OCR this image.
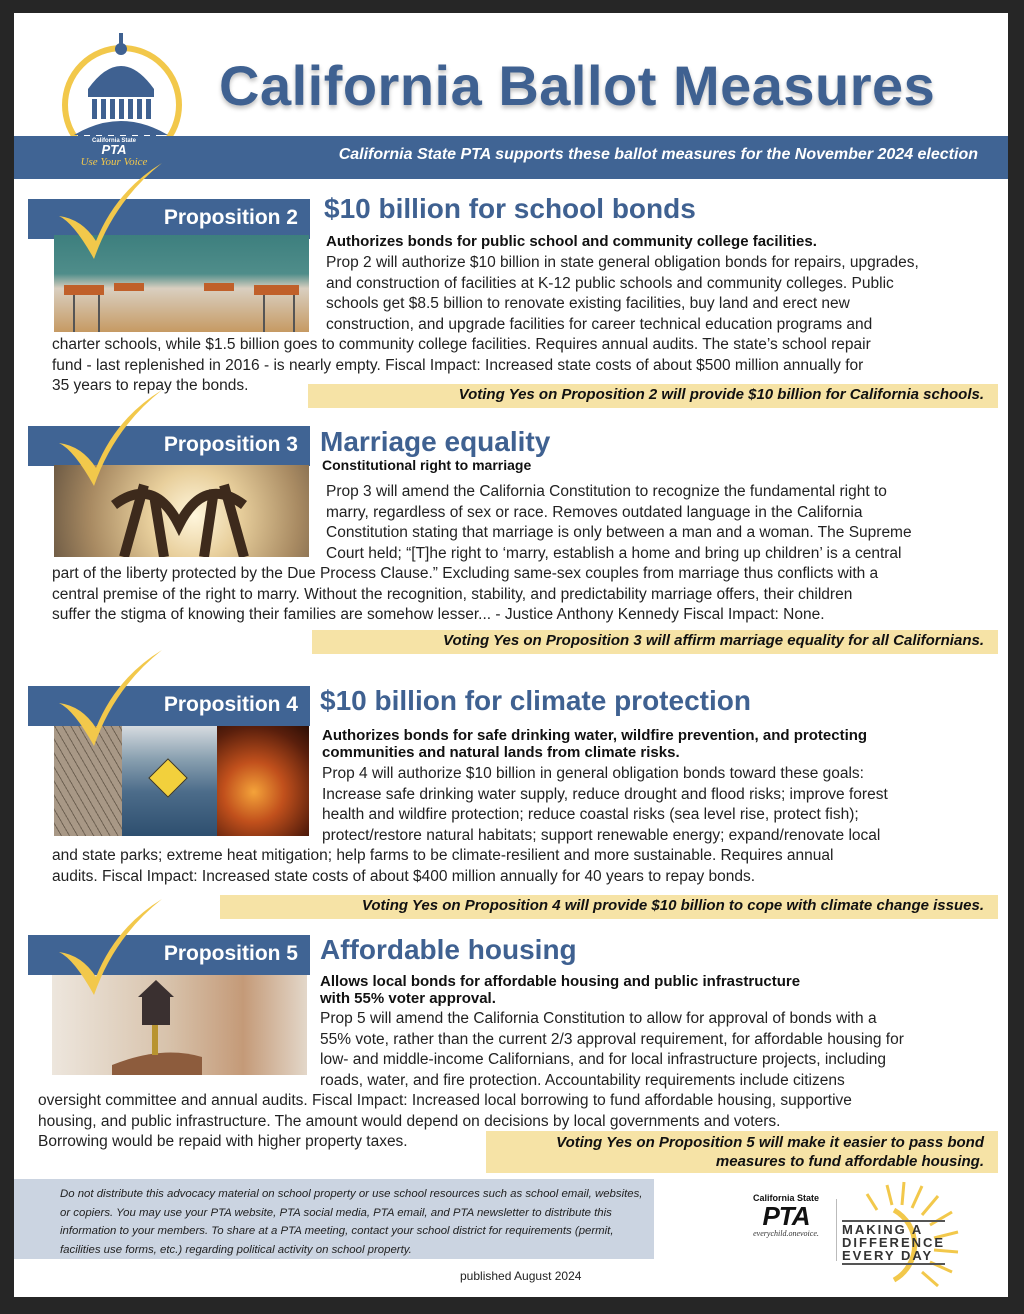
California Ballot Measures
California State
PTA
Use Your Voice	California State PTA supports these ballot measures for the November 2024 election
Proposition 2 $10 billion for school bonds
Authorizes bonds for public school and community college facilities.
Prop 2 will authorize $10 billion in state general obligation bonds for repairs, upgrades,
and construction of facilities at K-12 public schools and community colleges. Public
schools get $8.5 billion to renovate existing facilities, buy land and erect new
construction, and upgrade facilities for career technical education programs and
charter schools, while $1.5 billion goes to community college facilities. Requires annual audits. The state’s school repair
fund - last replenished in 2016 - is nearly empty. Fiscal Impact: Increased state costs of about $500 million annually for
35 years to repay the bonds.
Voting Yes on Proposition 2 will provide $10 billion for California schools.
Proposition 3 Marriage equality
Constitutional right to marriage
Prop 3 will amend the California Constitution to recognize the fundamental right to
marry, regardless of sex or race. Removes outdated language in the California
Constitution stating that marriage is only between a man and a woman. The Supreme
Court held; “[T]he right to ‘marry, establish a home and bring up children’ is a central
part of the liberty protected by the Due Process Clause.” Excluding same-sex couples from marriage thus conflicts with a
central premise of the right to marry. Without the recognition, stability, and predictability marriage offers, their children
suffer the stigma of knowing their families are somehow lesser... - Justice Anthony Kennedy Fiscal Impact: None.
Voting Yes on Proposition 3 will affirm marriage equality for all Californians.
Proposition 4 $10 billion for climate protection
Authorizes bonds for safe drinking water, wildfire prevention, and protecting
communities and natural lands from climate risks.
Prop 4 will authorize $10 billion in general obligation bonds toward these goals:
Increase safe drinking water supply, reduce drought and flood risks; improve forest
health and wildfire protection; reduce coastal risks (sea level rise, protect fish);
protect/restore natural habitats; support renewable energy; expand/renovate local
and state parks; extreme heat mitigation; help farms to be climate-resilient and more sustainable. Requires annual
audits. Fiscal Impact: Increased state costs of about $400 million annually for 40 years to repay bonds.
Voting Yes on Proposition 4 will provide $10 billion to cope with climate change issues.
Proposition 5 Affordable housing
Allows local bonds for affordable housing and public infrastructure
with 55% voter approval.
Prop 5 will amend the California Constitution to allow for approval of bonds with a
55% vote, rather than the current 2/3 approval requirement, for affordable housing for
low- and middle-income Californians, and for local infrastructure projects, including
roads, water, and fire protection. Accountability requirements include citizens
oversight committee and annual audits. Fiscal Impact: Increased local borrowing to fund affordable housing, supportive
housing, and public infrastructure. The amount would depend on decisions by local governments and voters.
Borrowing would be repaid with higher property taxes.	Voting Yes on Proposition 5 will make it easier to pass bond
measures to fund affordable housing.

Do not distribute this advocacy material on school property or use school resources such as school email, websites, or copiers. You may use your PTA website, PTA social media, PTA email, and PTA newsletter to distribute this information to your members. To share at a PTA meeting, contact your school district for requirements (permit, facilities use forms, etc.) regarding political activity on school property.

published August 2024
California State
PTA
everychild.onevoice.	MAKING A
DIFFERENCE
EVERY DAY
